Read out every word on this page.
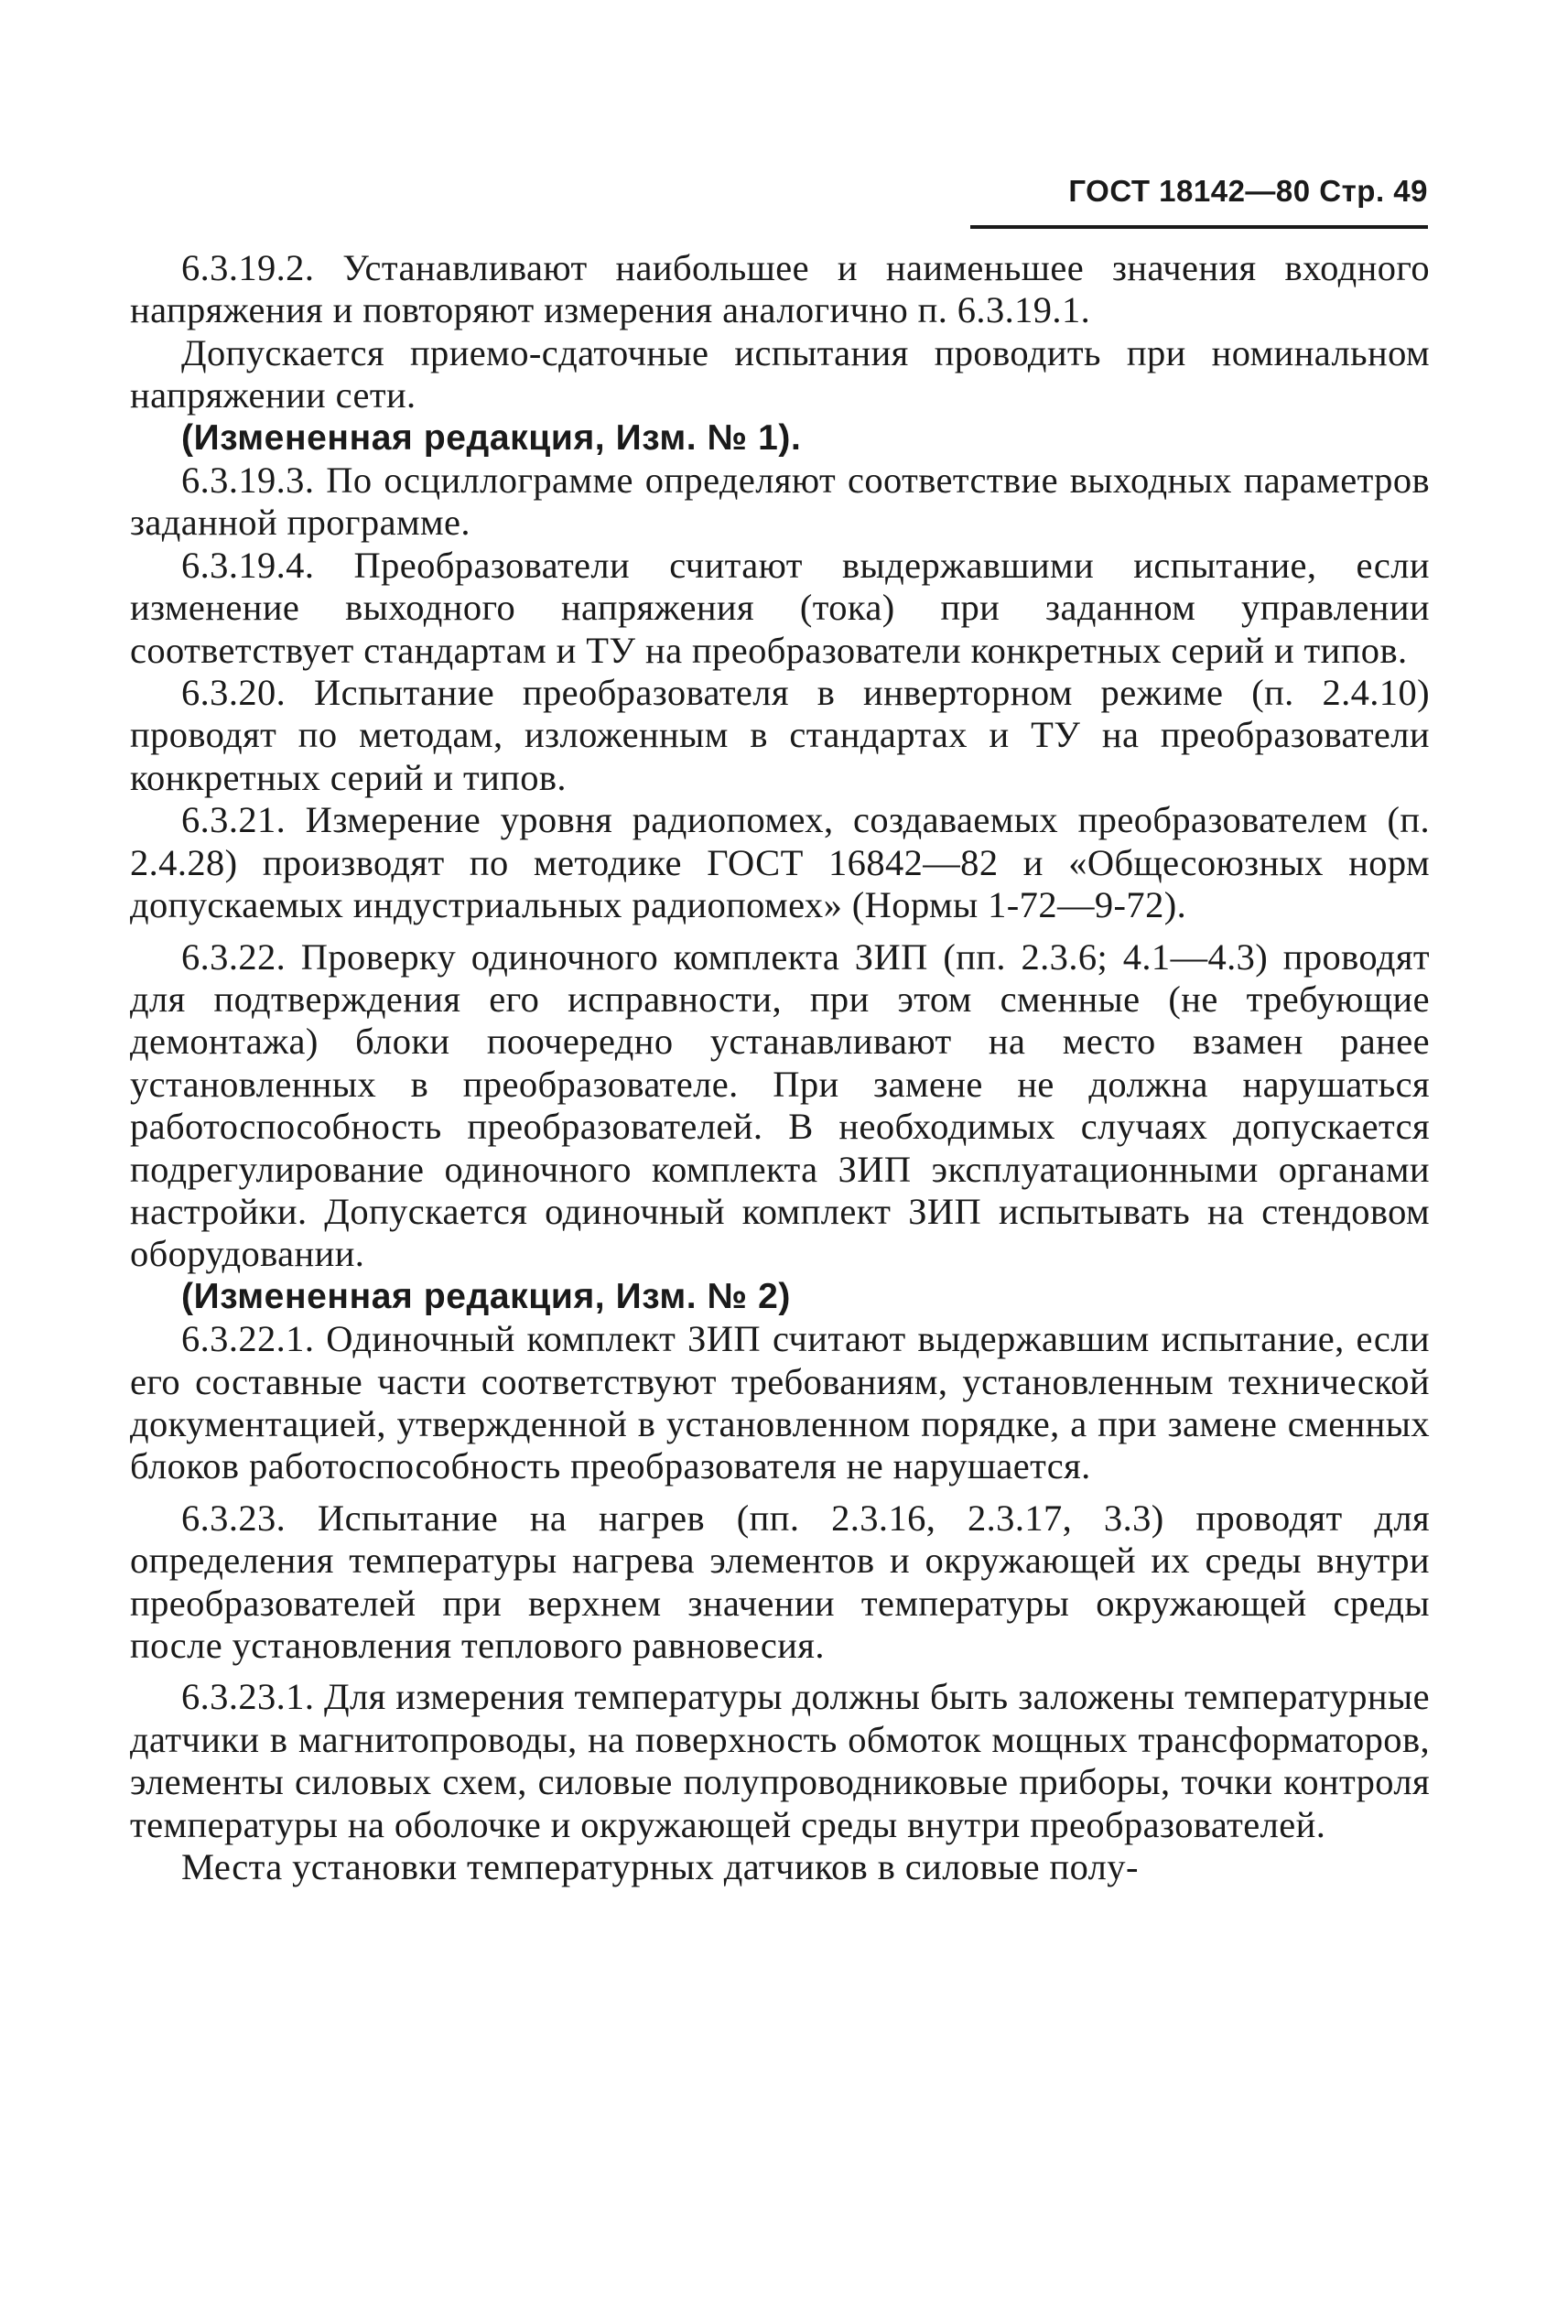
ГОСТ 18142—80 Стр. 49

6.3.19.2. Устанавливают наибольшее и наименьшее значения входного напряжения и повторяют измерения аналогично п. 6.3.19.1.

Допускается приемо-сдаточные испытания проводить при номинальном напряжении сети.

(Измененная редакция, Изм. № 1).

6.3.19.3. По осциллограмме определяют соответствие выходных параметров заданной программе.

6.3.19.4. Преобразователи считают выдержавшими испытание, если изменение выходного напряжения (тока) при заданном управлении соответствует стандартам и ТУ на преобразователи конкретных серий и типов.

6.3.20. Испытание преобразователя в инверторном режиме (п. 2.4.10) проводят по методам, изложенным в стандартах и ТУ на преобразователи конкретных серий и типов.

6.3.21. Измерение уровня радиопомех, создаваемых преобразователем (п. 2.4.28) производят по методике ГОСТ 16842—82 и «Общесоюзных норм допускаемых индустриальных радиопомех» (Нормы 1-72—9-72).

6.3.22. Проверку одиночного комплекта ЗИП (пп. 2.3.6; 4.1—4.3) проводят для подтверждения его исправности, при этом сменные (не требующие демонтажа) блоки поочередно устанавливают на место взамен ранее установленных в преобразователе. При замене не должна нарушаться работоспособность преобразователей. В необходимых случаях допускается подрегулирование одиночного комплекта ЗИП эксплуатационными органами настройки. Допускается одиночный комплект ЗИП испытывать на стендовом оборудовании.

(Измененная редакция, Изм. № 2)

6.3.22.1. Одиночный комплект ЗИП считают выдержавшим испытание, если его составные части соответствуют требованиям, установленным технической документацией, утвержденной в установленном порядке, а при замене сменных блоков работоспособность преобразователя не нарушается.

6.3.23. Испытание на нагрев (пп. 2.3.16, 2.3.17, 3.3) проводят для определения температуры нагрева элементов и окружающей их среды внутри преобразователей при верхнем значении температуры окружающей среды после установления теплового равновесия.

6.3.23.1. Для измерения температуры должны быть заложены температурные датчики в магнитопроводы, на поверхность обмоток мощных трансформаторов, элементы силовых схем, силовые полупроводниковые приборы, точки контроля температуры на оболочке и окружающей среды внутри преобразователей.

Места установки температурных датчиков в силовые полу-
